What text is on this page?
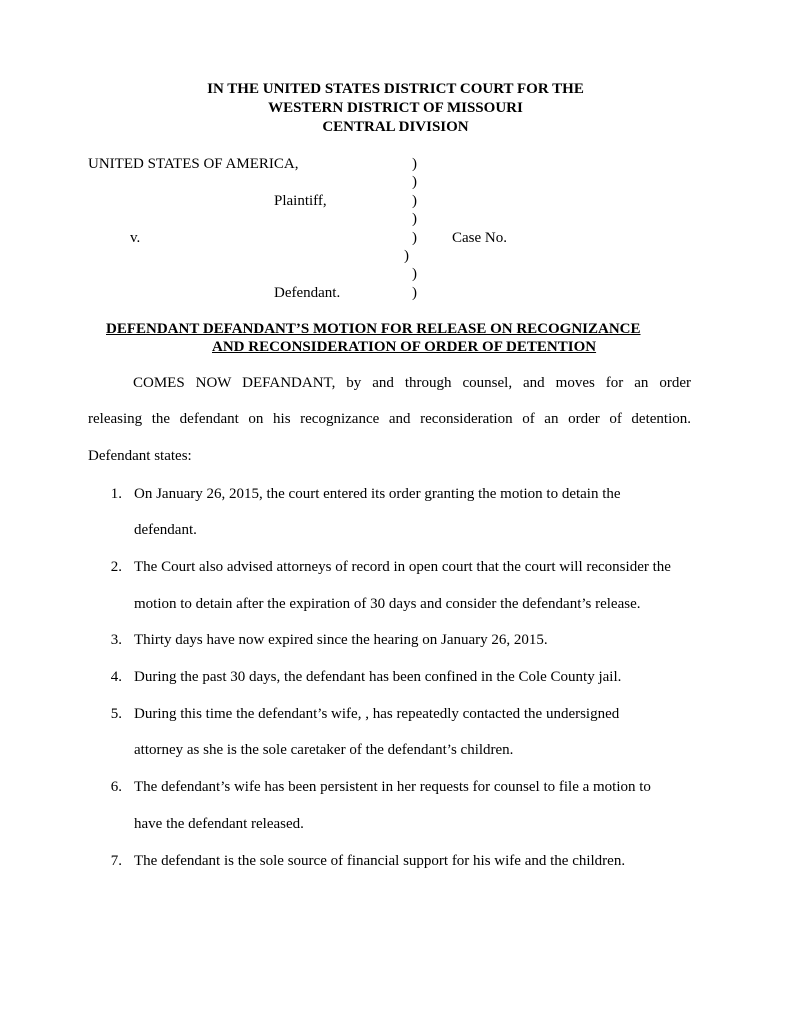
IN THE UNITED STATES DISTRICT COURT FOR THE
WESTERN DISTRICT OF MISSOURI
CENTRAL DIVISION
UNITED STATES OF AMERICA,
Plaintiff,
v.	Case No.
Defendant.
)
)
)
)
)
)
)
)
DEFENDANT DEFANDANT’S MOTION FOR RELEASE ON RECOGNIZANCE
AND RECONSIDERATION OF ORDER OF DETENTION
COMES NOW DEFANDANT, by and through counsel, and moves for an order
releasing the defendant on his recognizance and reconsideration of an order of detention.
Defendant states:
1. On January 26, 2015, the court entered its order granting the motion to detain the
defendant.
2. The Court also advised attorneys of record in open court that the court will reconsider the
motion to detain after the expiration of 30 days and consider the defendant’s release.
3. Thirty days have now expired since the hearing on January 26, 2015.
4. During the past 30 days, the defendant has been confined in the Cole County jail.
5. During this time the defendant’s wife, , has repeatedly contacted the undersigned
attorney as she is the sole caretaker of the defendant’s children.
6. The defendant’s wife has been persistent in her requests for counsel to file a motion to
have the defendant released.
7. The defendant is the sole source of financial support for his wife and the children.
